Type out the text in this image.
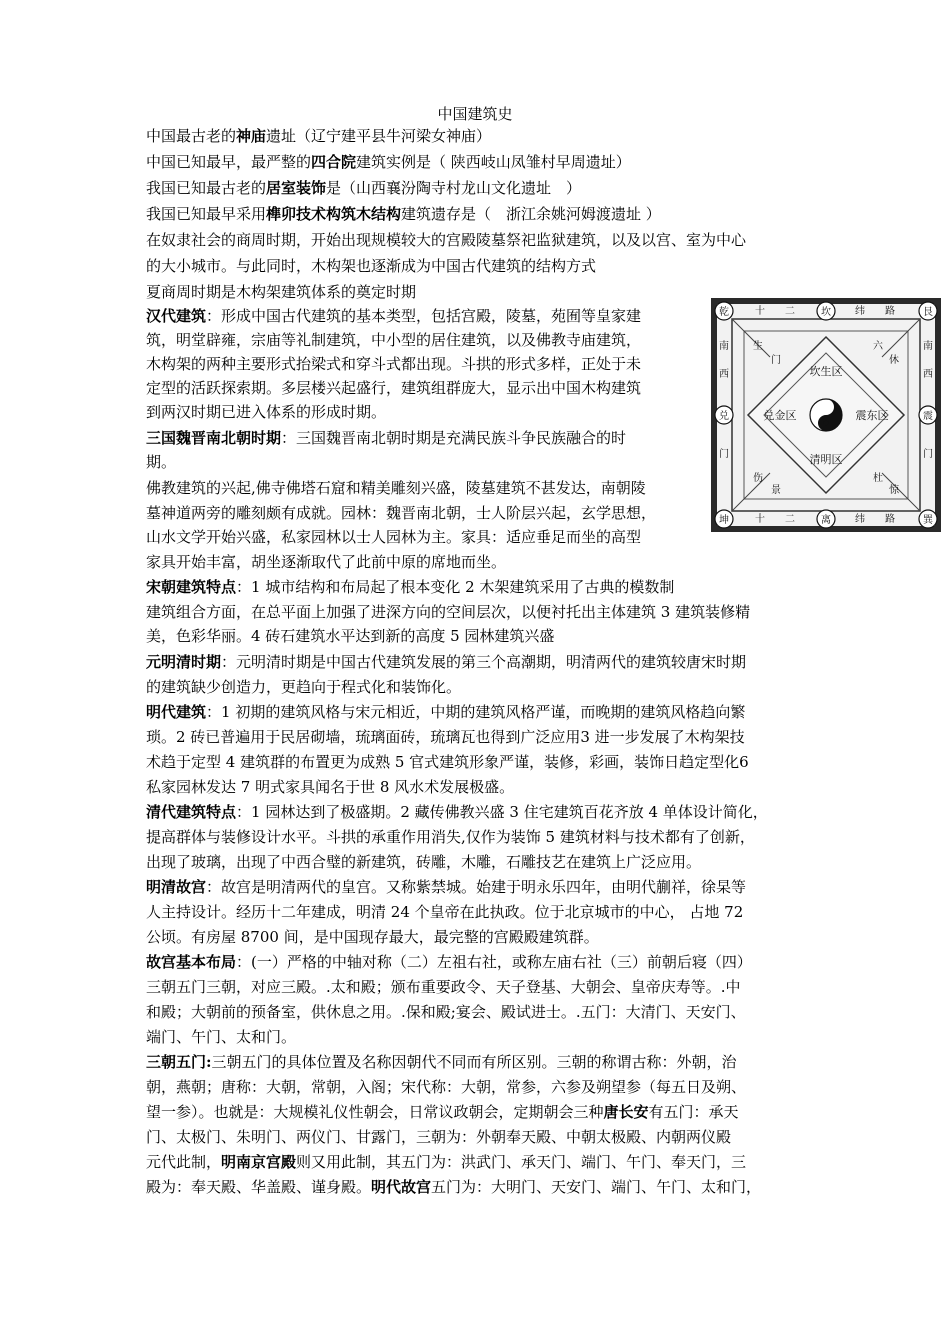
中国建筑史
中国最古老的神庙遗址（辽宁建平县牛河梁女神庙）
中国已知最早，最严整的四合院建筑实例是（ 陕西岐山凤雏村早周遗址）
我国已知最古老的居室装饰是（山西襄汾陶寺村龙山文化遗址　）
我国已知最早采用榫卯技术构筑木结构建筑遗存是（　浙江余姚河姆渡遗址 ）
在奴隶社会的商周时期，开始出现规模较大的宫殿陵墓祭祀监狱建筑，以及以宫、室为中心
的大小城市。与此同时，木构架也逐渐成为中国古代建筑的结构方式
夏商周时期是木构架建筑体系的奠定时期
汉代建筑：形成中国古代建筑的基本类型，包括宫殿，陵墓，苑囿等皇家建
筑，明堂辟雍，宗庙等礼制建筑，中小型的居住建筑，以及佛教寺庙建筑，
木构架的两种主要形式抬梁式和穿斗式都出现。斗拱的形式多样，正处于未
定型的活跃探索期。多层楼兴起盛行，建筑组群庞大，显示出中国木构建筑
到两汉时期已进入体系的形成时期。
三国魏晋南北朝时期：三国魏晋南北朝时期是充满民族斗争民族融合的时
期。
佛教建筑的兴起,佛寺佛塔石窟和精美雕刻兴盛，陵墓建筑不甚发达，南朝陵
墓神道两旁的雕刻颇有成就。园林：魏晋南北朝，士人阶层兴起，玄学思想，
山水文学开始兴盛，私家园林以士人园林为主。家具：适应垂足而坐的高型
家具开始丰富，胡坐逐渐取代了此前中原的席地而坐。
宋朝建筑特点：1 城市结构和布局起了根本变化 2 木架建筑采用了古典的模数制
建筑组合方面，在总平面上加强了进深方向的空间层次，以便衬托出主体建筑 3 建筑装修精
美，色彩华丽。4 砖石建筑水平达到新的高度 5 园林建筑兴盛
元明清时期：元明清时期是中国古代建筑发展的第三个高潮期，明清两代的建筑较唐宋时期
的建筑缺少创造力，更趋向于程式化和装饰化。
明代建筑：1 初期的建筑风格与宋元相近，中期的建筑风格严谨，而晚期的建筑风格趋向繁
琐。2 砖已普遍用于民居砌墙，琉璃面砖，琉璃瓦也得到广泛应用3 进一步发展了木构架技
术趋于定型 4 建筑群的布置更为成熟 5 官式建筑形象严谨，装修，彩画，装饰日趋定型化6
私家园林发达 7 明式家具闻名于世 8 风水术发展极盛。
清代建筑特点：1 园林达到了极盛期。2 藏传佛教兴盛 3 住宅建筑百花齐放 4 单体设计简化，
提高群体与装修设计水平。斗拱的承重作用消失,仅作为装饰 5 建筑材料与技术都有了创新，
出现了玻璃，出现了中西合璧的新建筑，砖雕，木雕，石雕技艺在建筑上广泛应用。
明清故宫：故宫是明清两代的皇宫。又称紫禁城。始建于明永乐四年，由明代蒯祥，徐杲等
人主持设计。经历十二年建成，明清 24 个皇帝在此执政。位于北京城市的中心， 占地 72
公顷。有房屋 8700 间，是中国现存最大，最完整的宫殿殿建筑群。
故宫基本布局：(一）严格的中轴对称（二）左祖右社，或称左庙右社（三）前朝后寝（四）
三朝五门三朝，对应三殿。.太和殿；颁布重要政令、天子登基、大朝会、皇帝庆寿等。.中
和殿；大朝前的预备室，供休息之用。.保和殿;宴会、殿试进士。.五门：大清门、天安门、
端门、午门、太和门。
三朝五门:三朝五门的具体位置及名称因朝代不同而有所区别。三朝的称谓古称：外朝，治
朝，燕朝；唐称：大朝，常朝，入阁；宋代称：大朝，常参，六参及朔望参（每五日及朔、
望一参）。也就是：大规模礼仪性朝会，日常议政朝会，定期朝会三种唐长安有五门：承天
门、太极门、朱明门、两仪门、甘露门，三朝为：外朝奉天殿、中朝太极殿、内朝两仪殿
元代此制，明南京宫殿则又用此制，其五门为：洪武门、承天门、端门、午门、奉天门，三
殿为：奉天殿、华盖殿、谨身殿。明代故宫五门为：大明门、天安门、端门、午门、太和门，
乾	艮
坤	巽
坎
离
兑	震
十 二	纬 路
十 二	纬 路
南
西
门
南
西
门
生
门
六
休
伤
景
杜
惊
坎生区
清明区
兑金区	震东区
